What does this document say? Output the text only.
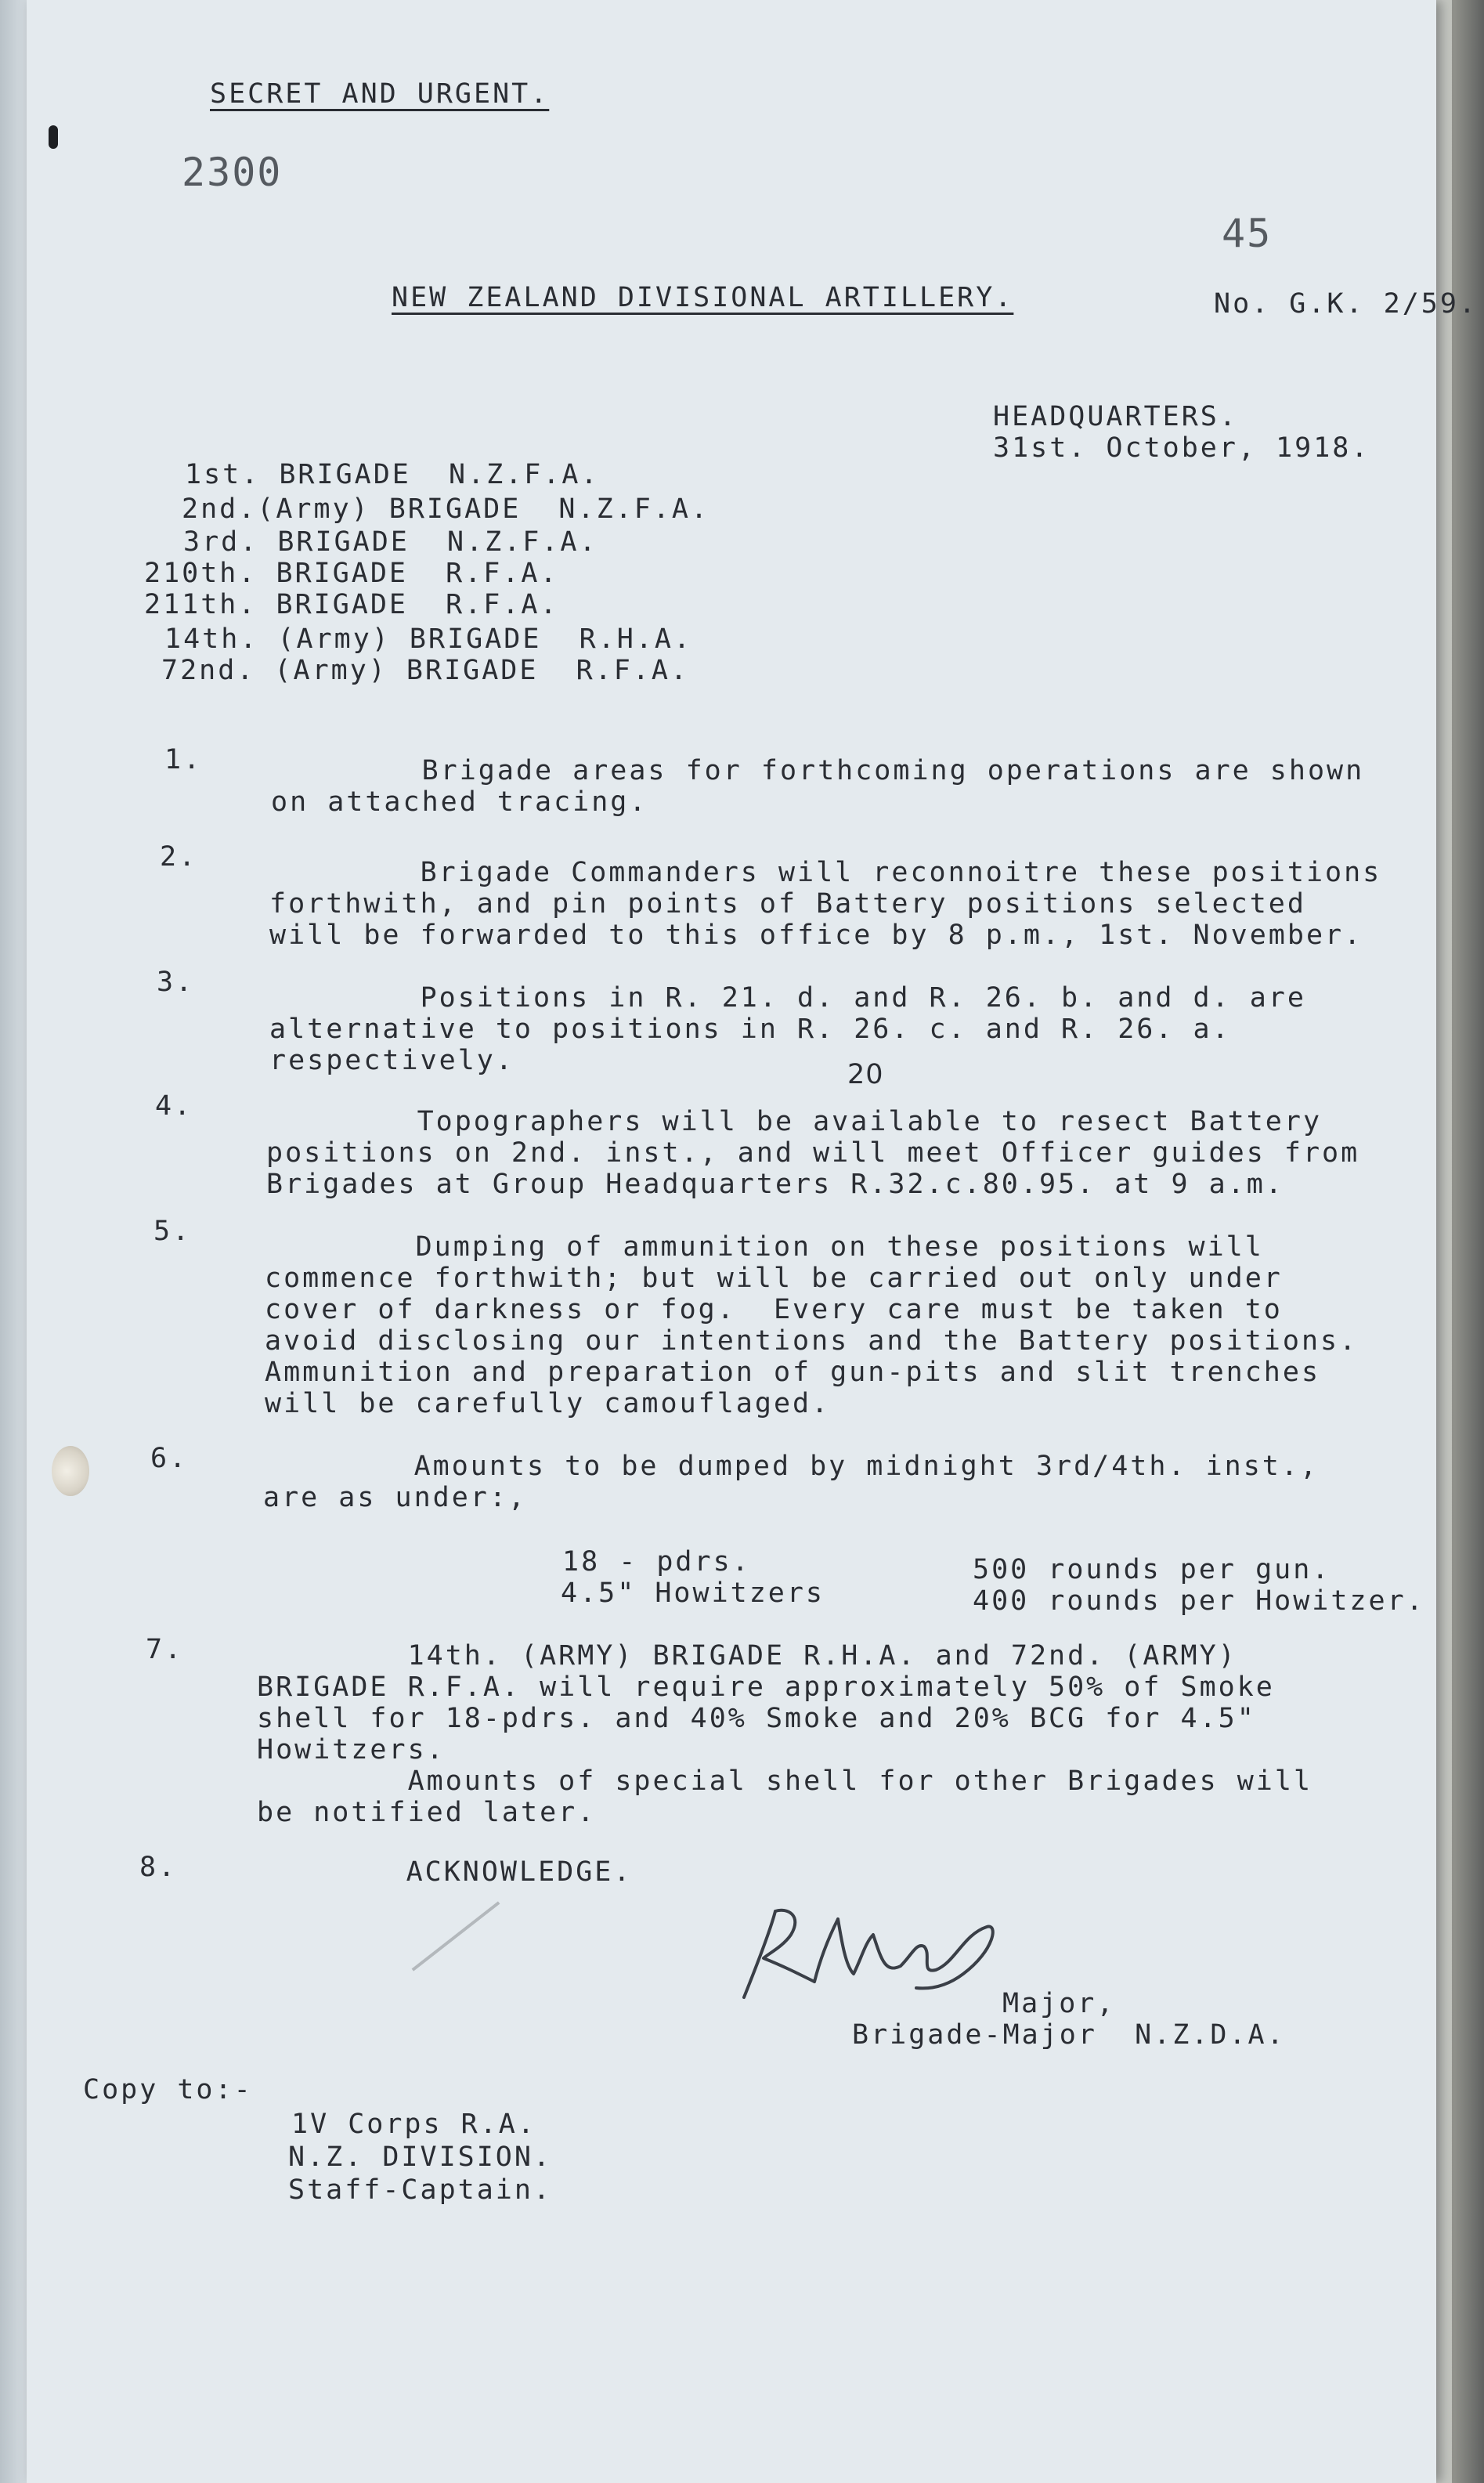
SECRET AND URGENT.
2300
45
NEW ZEALAND DIVISIONAL ARTILLERY.	No. G.K. 2/59.
HEADQUARTERS.
31st. October, 1918.
1st. BRIGADE  N.Z.F.A.
2nd.(Army) BRIGADE  N.Z.F.A.
3rd. BRIGADE  N.Z.F.A.
210th. BRIGADE  R.F.A.
211th. BRIGADE  R.F.A.
14th. (Army) BRIGADE  R.H.A.
72nd. (Army) BRIGADE  R.F.A.
1.	Brigade areas for forthcoming operations are shown
on attached tracing.
2.	Brigade Commanders will reconnoitre these positions
forthwith, and pin points of Battery positions selected
will be forwarded to this office by 8 p.m., 1st. November.
3.	Positions in R. 21. d. and R. 26. b. and d. are
alternative to positions in R. 26. c. and R. 26. a.
respectively.	20
4.	Topographers will be available to resect Battery
positions on 2nd. inst., and will meet Officer guides from
Brigades at Group Headquarters R.32.c.80.95. at 9 a.m.
5.	Dumping of ammunition on these positions will
commence forthwith; but will be carried out only under
cover of darkness or fog.  Every care must be taken to
avoid disclosing our intentions and the Battery positions.
Ammunition and preparation of gun-pits and slit trenches
will be carefully camouflaged.
6.	Amounts to be dumped by midnight 3rd/4th. inst.,
are as under:,
18 - pdrs.	500 rounds per gun.
4.5" Howitzers	400 rounds per Howitzer.
7.	14th. (ARMY) BRIGADE R.H.A. and 72nd. (ARMY)
BRIGADE R.F.A. will require approximately 50% of Smoke
shell for 18-pdrs. and 40% Smoke and 20% BCG for 4.5"
Howitzers.
Amounts of special shell for other Brigades will
be notified later.
8.	ACKNOWLEDGE.
Major,
Brigade-Major  N.Z.D.A.
Copy to:-
1V Corps R.A.
N.Z. DIVISION.
Staff-Captain.
